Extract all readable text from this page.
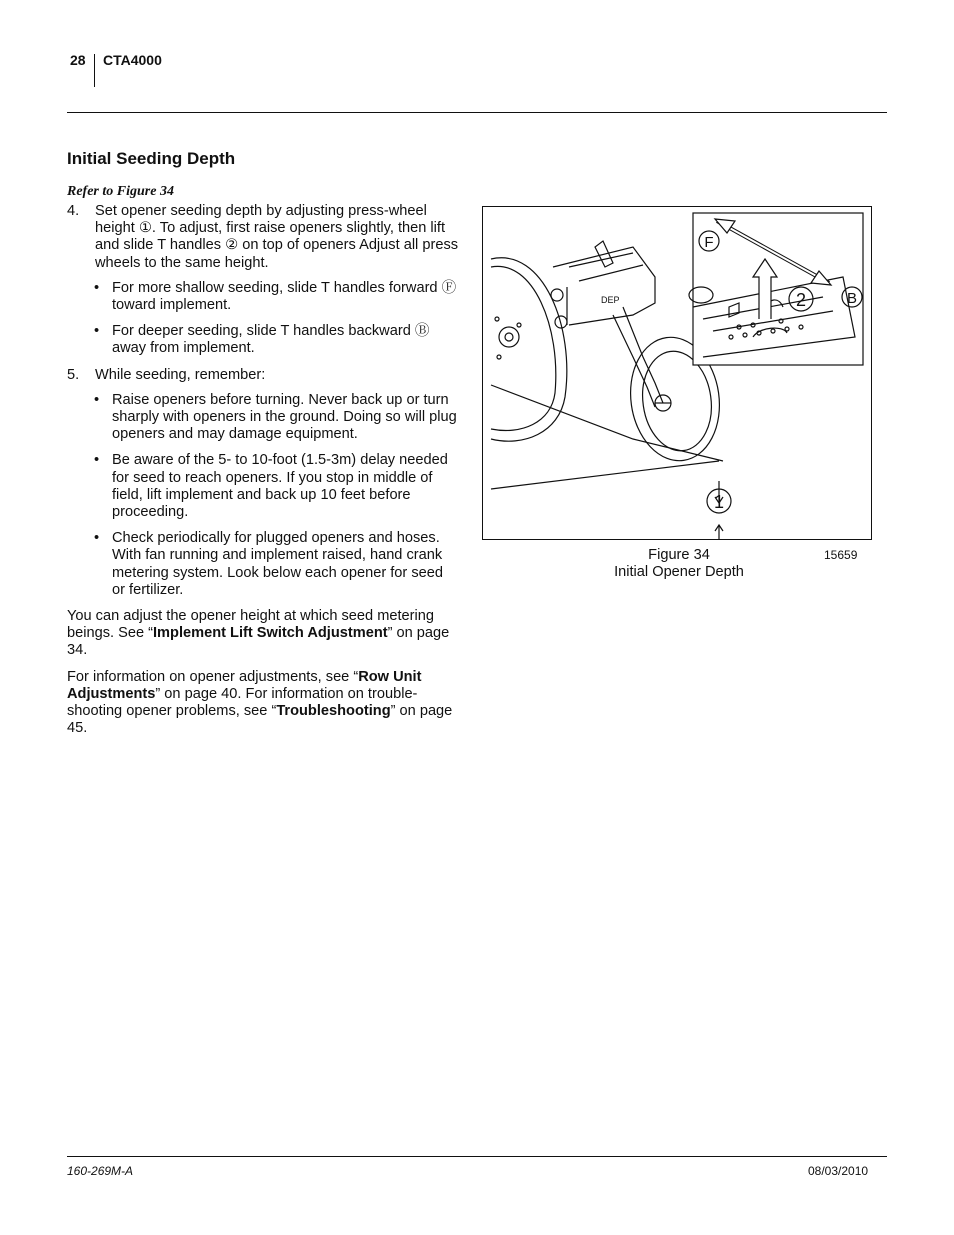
28 CTA4000
Initial Seeding Depth
Refer to Figure 34
4. Set opener seeding depth by adjusting press-wheel height ①. To adjust, first raise openers slightly, then lift and slide T handles ② on top of openers Adjust all press wheels to the same height.
• For more shallow seeding, slide T handles forward Ⓕ toward implement.
• For deeper seeding, slide T handles backward Ⓑ away from implement.
5. While seeding, remember:
• Raise openers before turning. Never back up or turn sharply with openers in the ground. Doing so will plug openers and may damage equipment.
• Be aware of the 5- to 10-foot (1.5-3m) delay needed for seed to reach openers. If you stop in middle of field, lift implement and back up 10 feet before proceeding.
• Check periodically for plugged openers and hoses. With fan running and implement raised, hand crank metering system. Look below each opener for seed or fertilizer.

You can adjust the opener height at which seed metering beings. See “Implement Lift Switch Adjustment” on page 34.

For information on opener adjustments, see “Row Unit Adjustments” on page 40. For information on trouble-shooting opener problems, see “Troubleshooting” on page 45.

DEP
F
B
2
1
Figure 34
Initial Opener Depth
15659
160-269M-A	08/03/2010
